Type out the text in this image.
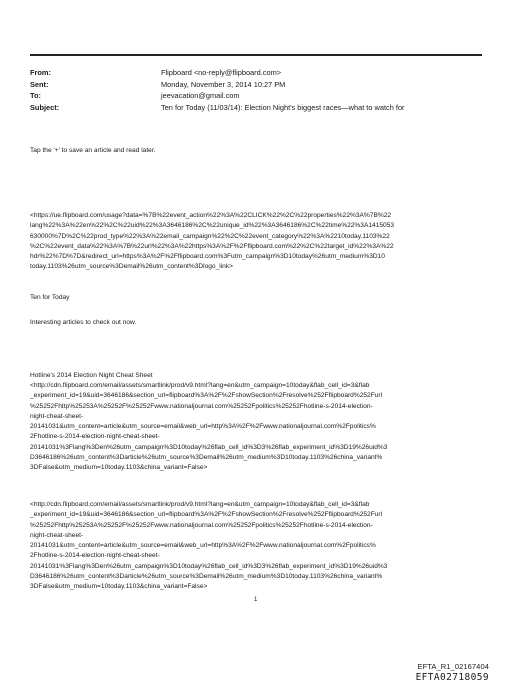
From:	Flipboard <no-reply@flipboard.com>
Sent:	Monday, November 3, 2014 10:27 PM
To:	jeevacation@gmail.com
Subject:	Ten for Today (11/03/14): Election Night's biggest races—what to watch for
Tap the '+' to save an article and read later.
<https://ue.flipboard.com/usage?data=%7B%22event_action%22%3A%22CLICK%22%2C%22properties%22%3A%7B%22
lang%22%3A%22en%22%2C%22uid%22%3A3646186%2C%22unique_id%22%3A3646186%2C%22time%22%3A1415053
630000%7D%2C%22prod_type%22%3A%22email_campaign%22%2C%22event_category%22%3A%2210today.1103%22
%2C%22event_data%22%3A%7B%22url%22%3A%22https%3A%2F%2Fflipboard.com%22%2C%22target_id%22%3A%22
hdr%22%7D%7D&redirect_url=https%3A%2F%2Fflipboard.com%3Futm_campaign%3D10today%26utm_medium%3D10
today.1103%26utm_source%3Demail%26utm_content%3Dlogo_link>
Ten for Today
Interesting articles to check out now.
Hotline's 2014 Election Night Cheat Sheet
<http://cdn.flipboard.com/email/assets/smartlink/prod/v9.html?lang=en&utm_campaign=10today&flab_cell_id=3&flab
_experiment_id=19&uid=3646186&section_url=flipboard%3A%2F%2FshowSection%2Fresolve%252Fflipboard%252Furl
%25252Fhttp%25253A%25252F%25252Fwww.nationaljournal.com%25252Fpolitics%25252Fhotline-s-2014-election-
night-cheat-sheet-
20141031&utm_content=article&utm_source=email&web_url=http%3A%2F%2Fwww.nationaljournal.com%2Fpolitics%
2Fhotline-s-2014-election-night-cheat-sheet-
20141031%3Flang%3Den%26utm_campaign%3D10today%26flab_cell_id%3D3%26flab_experiment_id%3D19%26uid%3
D3646186%26utm_content%3Darticle%26utm_source%3Demail%26utm_medium%3D10today.1103%26china_variant%
3DFalse&utm_medium=10today.1103&china_variant=False>
<http://cdn.flipboard.com/email/assets/smartlink/prod/v9.html?lang=en&utm_campaign=10today&flab_cell_id=3&flab
_experiment_id=19&uid=3646186&section_url=flipboard%3A%2F%2FshowSection%2Fresolve%252Fflipboard%252Furl
%25252Fhttp%25253A%25252F%25252Fwww.nationaljournal.com%25252Fpolitics%25252Fhotline-s-2014-election-
night-cheat-sheet-
20141031&utm_content=article&utm_source=email&web_url=http%3A%2F%2Fwww.nationaljournal.com%2Fpolitics%
2Fhotline-s-2014-election-night-cheat-sheet-
20141031%3Flang%3Den%26utm_campaign%3D10today%26flab_cell_id%3D3%26flab_experiment_id%3D19%26uid%3
D3646186%26utm_content%3Darticle%26utm_source%3Demail%26utm_medium%3D10today.1103%26china_variant%
3DFalse&utm_medium=10today.1103&china_variant=False>
1
EFTA_R1_02167404
EFTA02718059
